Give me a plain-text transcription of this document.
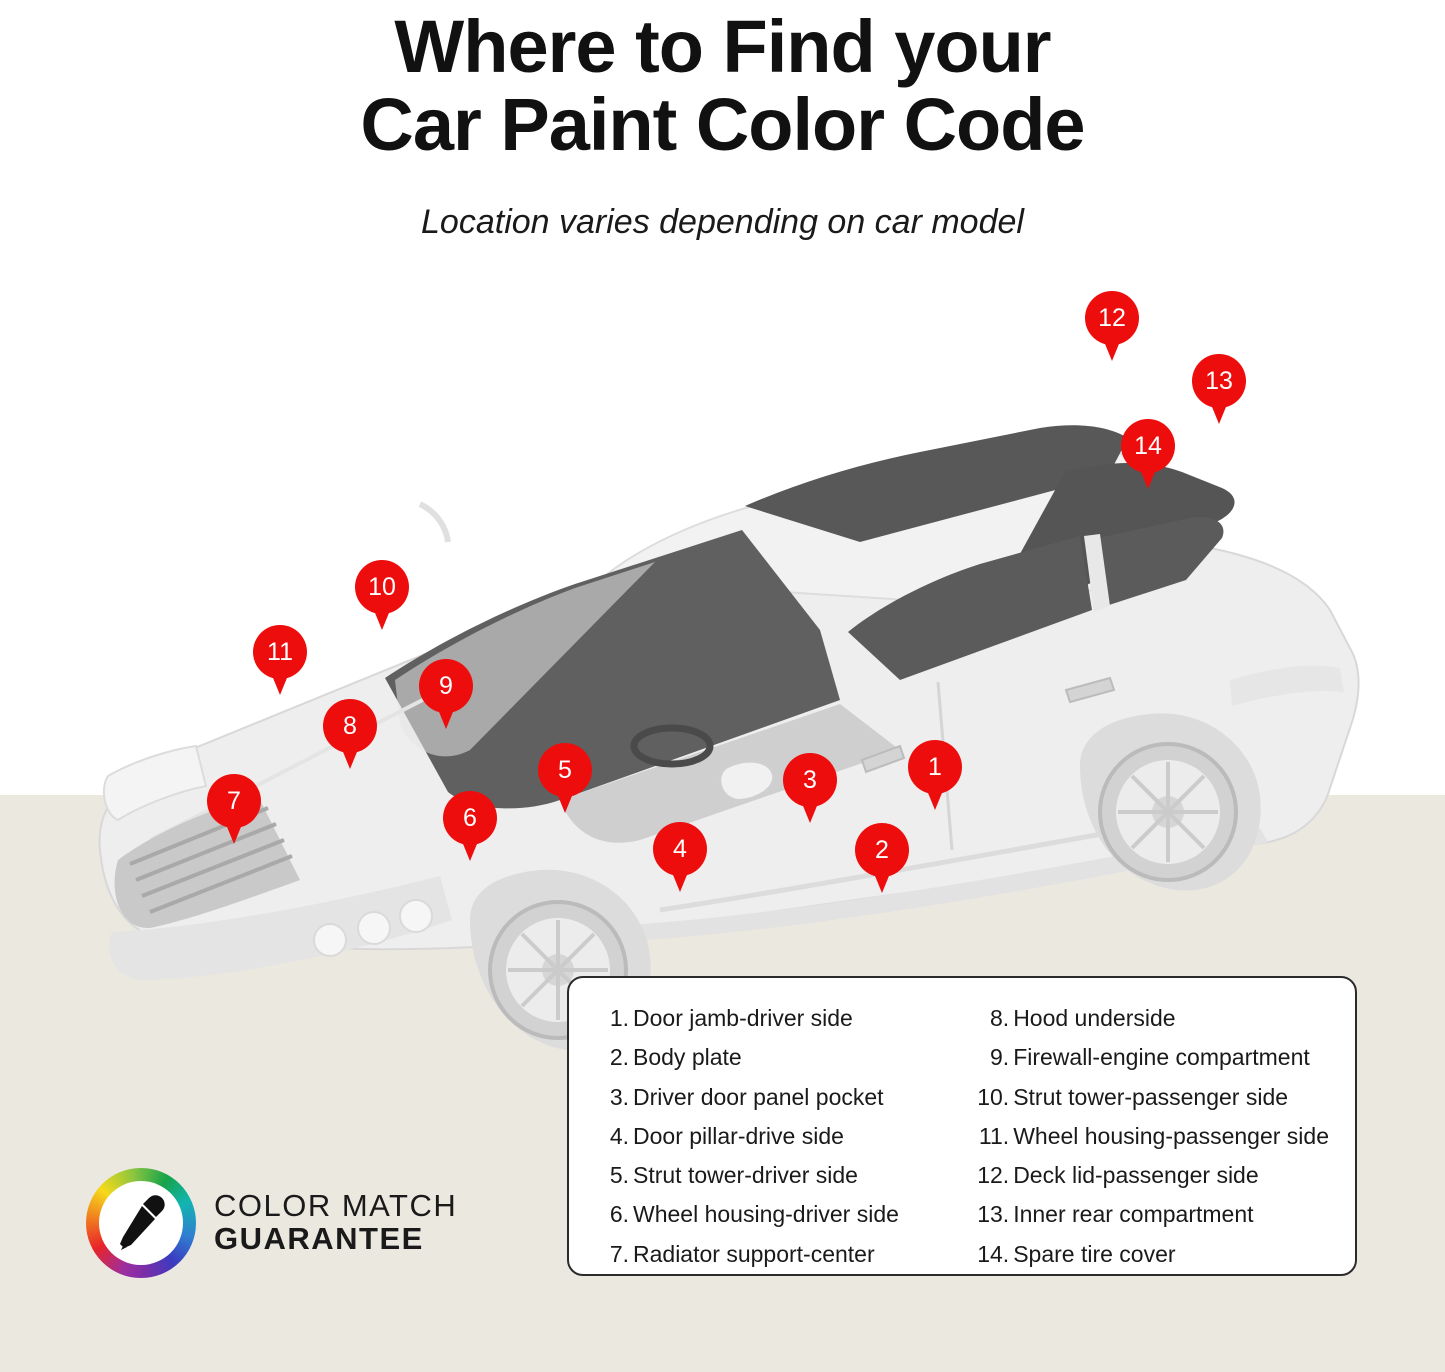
Where to Find your
Car Paint Color Code
Location varies depending on car model
1
2
3
4
5
6
7
8
9
10
11
12
13
14
1. Door jamb-driver side
2. Body plate
3. Driver door panel pocket
4. Door pillar-drive side
5. Strut tower-driver side
6. Wheel housing-driver side
7. Radiator support-center
8. Hood underside
9. Firewall-engine compartment
10. Strut tower-passenger side
11. Wheel housing-passenger side
12. Deck lid-passenger side
13. Inner rear compartment
14. Spare tire cover
COLOR MATCH
GUARANTEE
